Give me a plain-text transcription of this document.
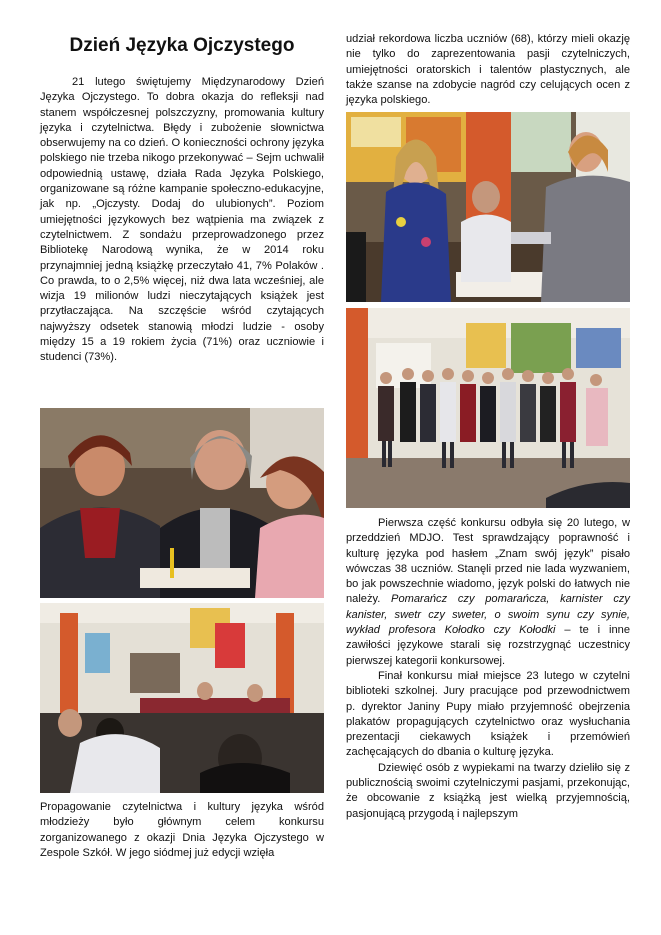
Dzień Języka Ojczystego

21 lutego świętujemy Międzynarodowy Dzień Języka Ojczystego. To dobra okazja do refleksji nad stanem współczesnej polszczyzny, promowania kultury języka i czytelnictwa. Błędy i zubożenie słownictwa obserwujemy na co dzień. O konieczności ochrony języka polskiego nie trzeba nikogo przekonywać – Sejm uchwalił odpowiednią ustawę, działa Rada Języka Polskiego, organizowane są różne kampanie społeczno-edukacyjne, jak np. „Ojczysty. Dodaj do ulubionych”. Poziom umiejętności językowych bez wątpienia ma związek z czytelnictwem. Z sondażu przeprowadzonego przez Bibliotekę Narodową wynika, że w 2014 roku przynajmniej jedną książkę przeczytało 41, 7% Polaków . Co prawda, to o 2,5% więcej, niż dwa lata wcześniej, ale wizja 19 milionów ludzi nieczytających książek jest przytłaczająca. Na szczęście wśród czytających najwyższy odsetek stanowią młodzi ludzie - osoby między 15 a 19 rokiem życia (71%) oraz uczniowie i studenci (73%).

Propagowanie czytelnictwa i kultury języka wśród młodzieży było głównym celem konkursu zorganizowanego z okazji Dnia Języka Ojczystego w Zespole Szkół. W jego siódmej już edycji wzięła

udział rekordowa liczba uczniów (68), którzy mieli okazję nie tylko do zaprezentowania pasji czytelniczych, umiejętności oratorskich i talentów plastycznych, ale także szanse na zdobycie nagród czy celujących ocen z języka polskiego.

Pierwsza część konkursu odbyła się 20 lutego, w przeddzień MDJO. Test sprawdzający poprawność i kulturę języka pod hasłem „Znam swój język” pisało wówczas 38 uczniów. Stanęli przed nie lada wyzwaniem, bo jak powszechnie wiadomo, język polski do łatwych nie należy. Pomarańcz czy pomarańcza, karnister czy kanister, swetr czy sweter, o swoim synu czy synie, wykład profesora Kołodko czy Kołodki – te i inne zawiłości językowe starali się rozstrzygnąć uczestnicy pierwszej kategorii konkursowej.

Finał konkursu miał miejsce 23 lutego w czytelni biblioteki szkolnej. Jury pracujące pod przewodnictwem p. dyrektor Janiny Pupy miało przyjemność obejrzenia plakatów propagujących czytelnictwo oraz wysłuchania prezentacji ciekawych książek i przemówień zachęcających do dbania o kulturę języka.

Dziewięć osób z wypiekami na twarzy dzieliło się z publicznością swoimi czytelniczymi pasjami, przekonując, że obcowanie z książką jest wielką przyjemnością, pasjonującą przygodą i najlepszym
